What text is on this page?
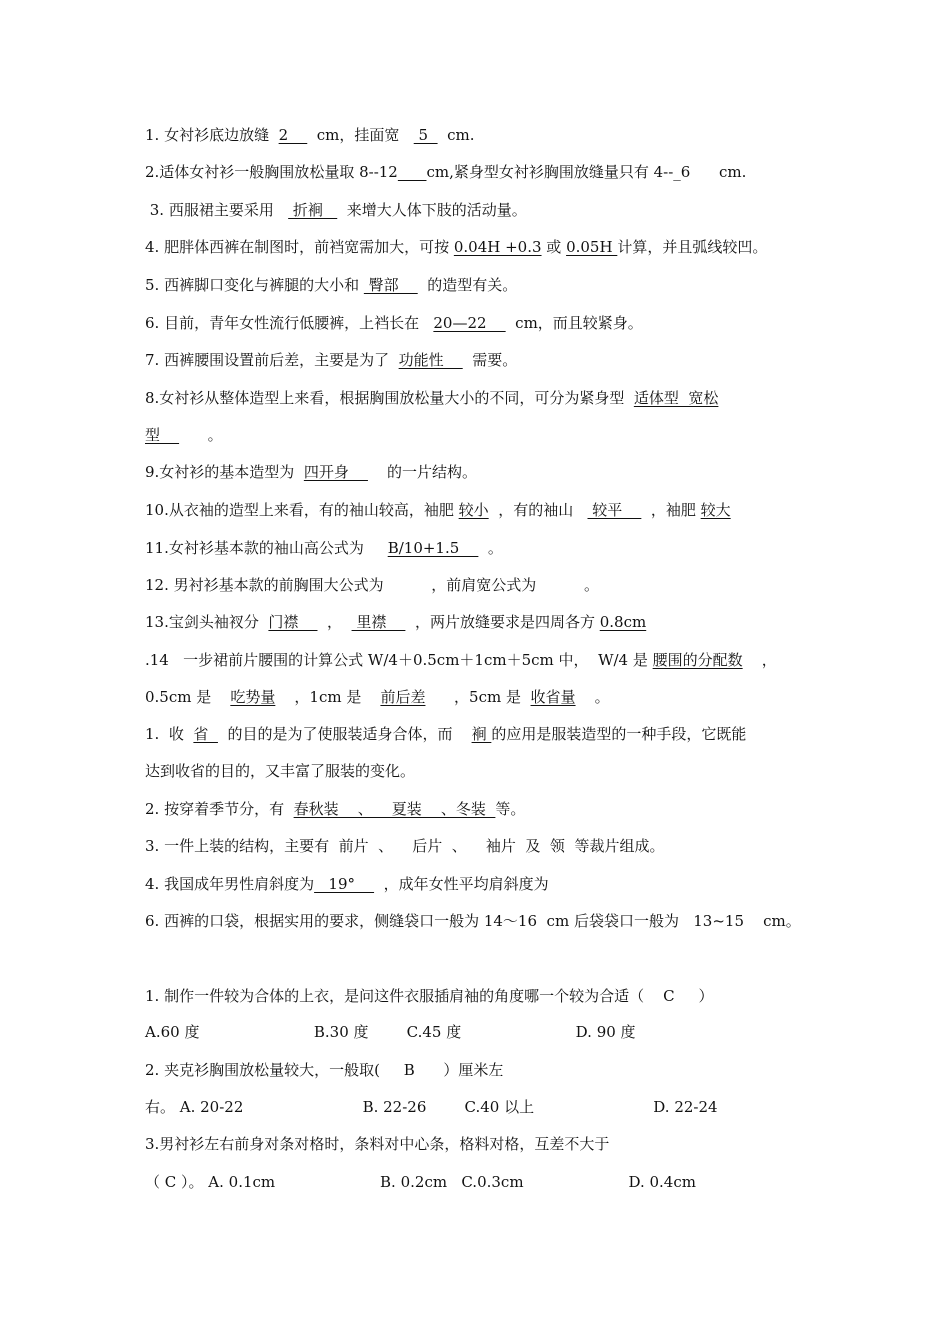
1. 女衬衫底边放缝  2      cm，挂面宽    5    cm.
2.适体女衬衫一般胸围放松量取 8--12 cm,紧身型女衬衫胸围放缝量只有 4--_6      cm.
3. 西服裙主要采用    折裥     来增大人体下肢的活动量。
4. 肥胖体西裤在制图时，前裆宽需加大，可按 0.04H +0.3 或 0.05H 计算，并且弧线较凹。
5. 西裤脚口变化与裤腿的大小和  臀部      的造型有关。
6. 目前，青年女性流行低腰裤，上裆长在   20—22      cm，而且较紧身。
7. 西裤腰围设置前后差，主要是为了  功能性      需要。
8.女衬衫从整体造型上来看，根据胸围放松量大小的不同，可分为紧身型  适体型  宽松
型          。
9.女衬衫的基本造型为  四开身        的一片结构。
10.从衣袖的造型上来看，有的袖山较高，袖肥 较小  ，有的袖山    较平      ，袖肥 较大
11.女衬衫基本款的袖山高公式为     B/10+1.5      。
12. 男衬衫基本款的前胸围大公式为          ，前肩宽公式为          。
13.宝剑头袖衩分  门襟      ，   里襟      ，两片放缝要求是四周各方 0.8cm
.14   一步裙前片腰围的计算公式 W/4＋0.5cm＋1cm＋5cm 中，  W/4 是 腰围的分配数    ，
0.5cm 是    吃势量    ，1cm 是    前后差      ，5cm 是  收省量    。
1.  收  省    的目的是为了使服装适身合体，而    裥 的应用是服装造型的一种手段，它既能
达到收省的目的，又丰富了服装的变化。
2. 按穿着季节分，有  春秋装    、    夏装    、冬装  等。
3. 一件上装的结构，主要有  前片  、    后片  、    袖片  及  领  等裁片组成。
4. 我国成年男性肩斜度为   19°      ，成年女性平均肩斜度为
6. 西裤的口袋，根据实用的要求，侧缝袋口一般为 14～16  cm 后袋袋口一般为   13~15    cm。
1. 制作一件较为合体的上衣，是问这件衣服插肩袖的角度哪一个较为合适（    C     ）
A.60 度                        B.30 度        C.45 度                        D. 90 度
2. 夹克衫胸围放松量较大，一般取(     B      ）厘米左
右。 A. 20-22                         B. 22-26        C.40 以上                         D. 22-24
3.男衬衫左右前身对条对格时，条料对中心条，格料对格，互差不大于
（ C ）。 A. 0.1cm                      B. 0.2cm   C.0.3cm                      D. 0.4cm
